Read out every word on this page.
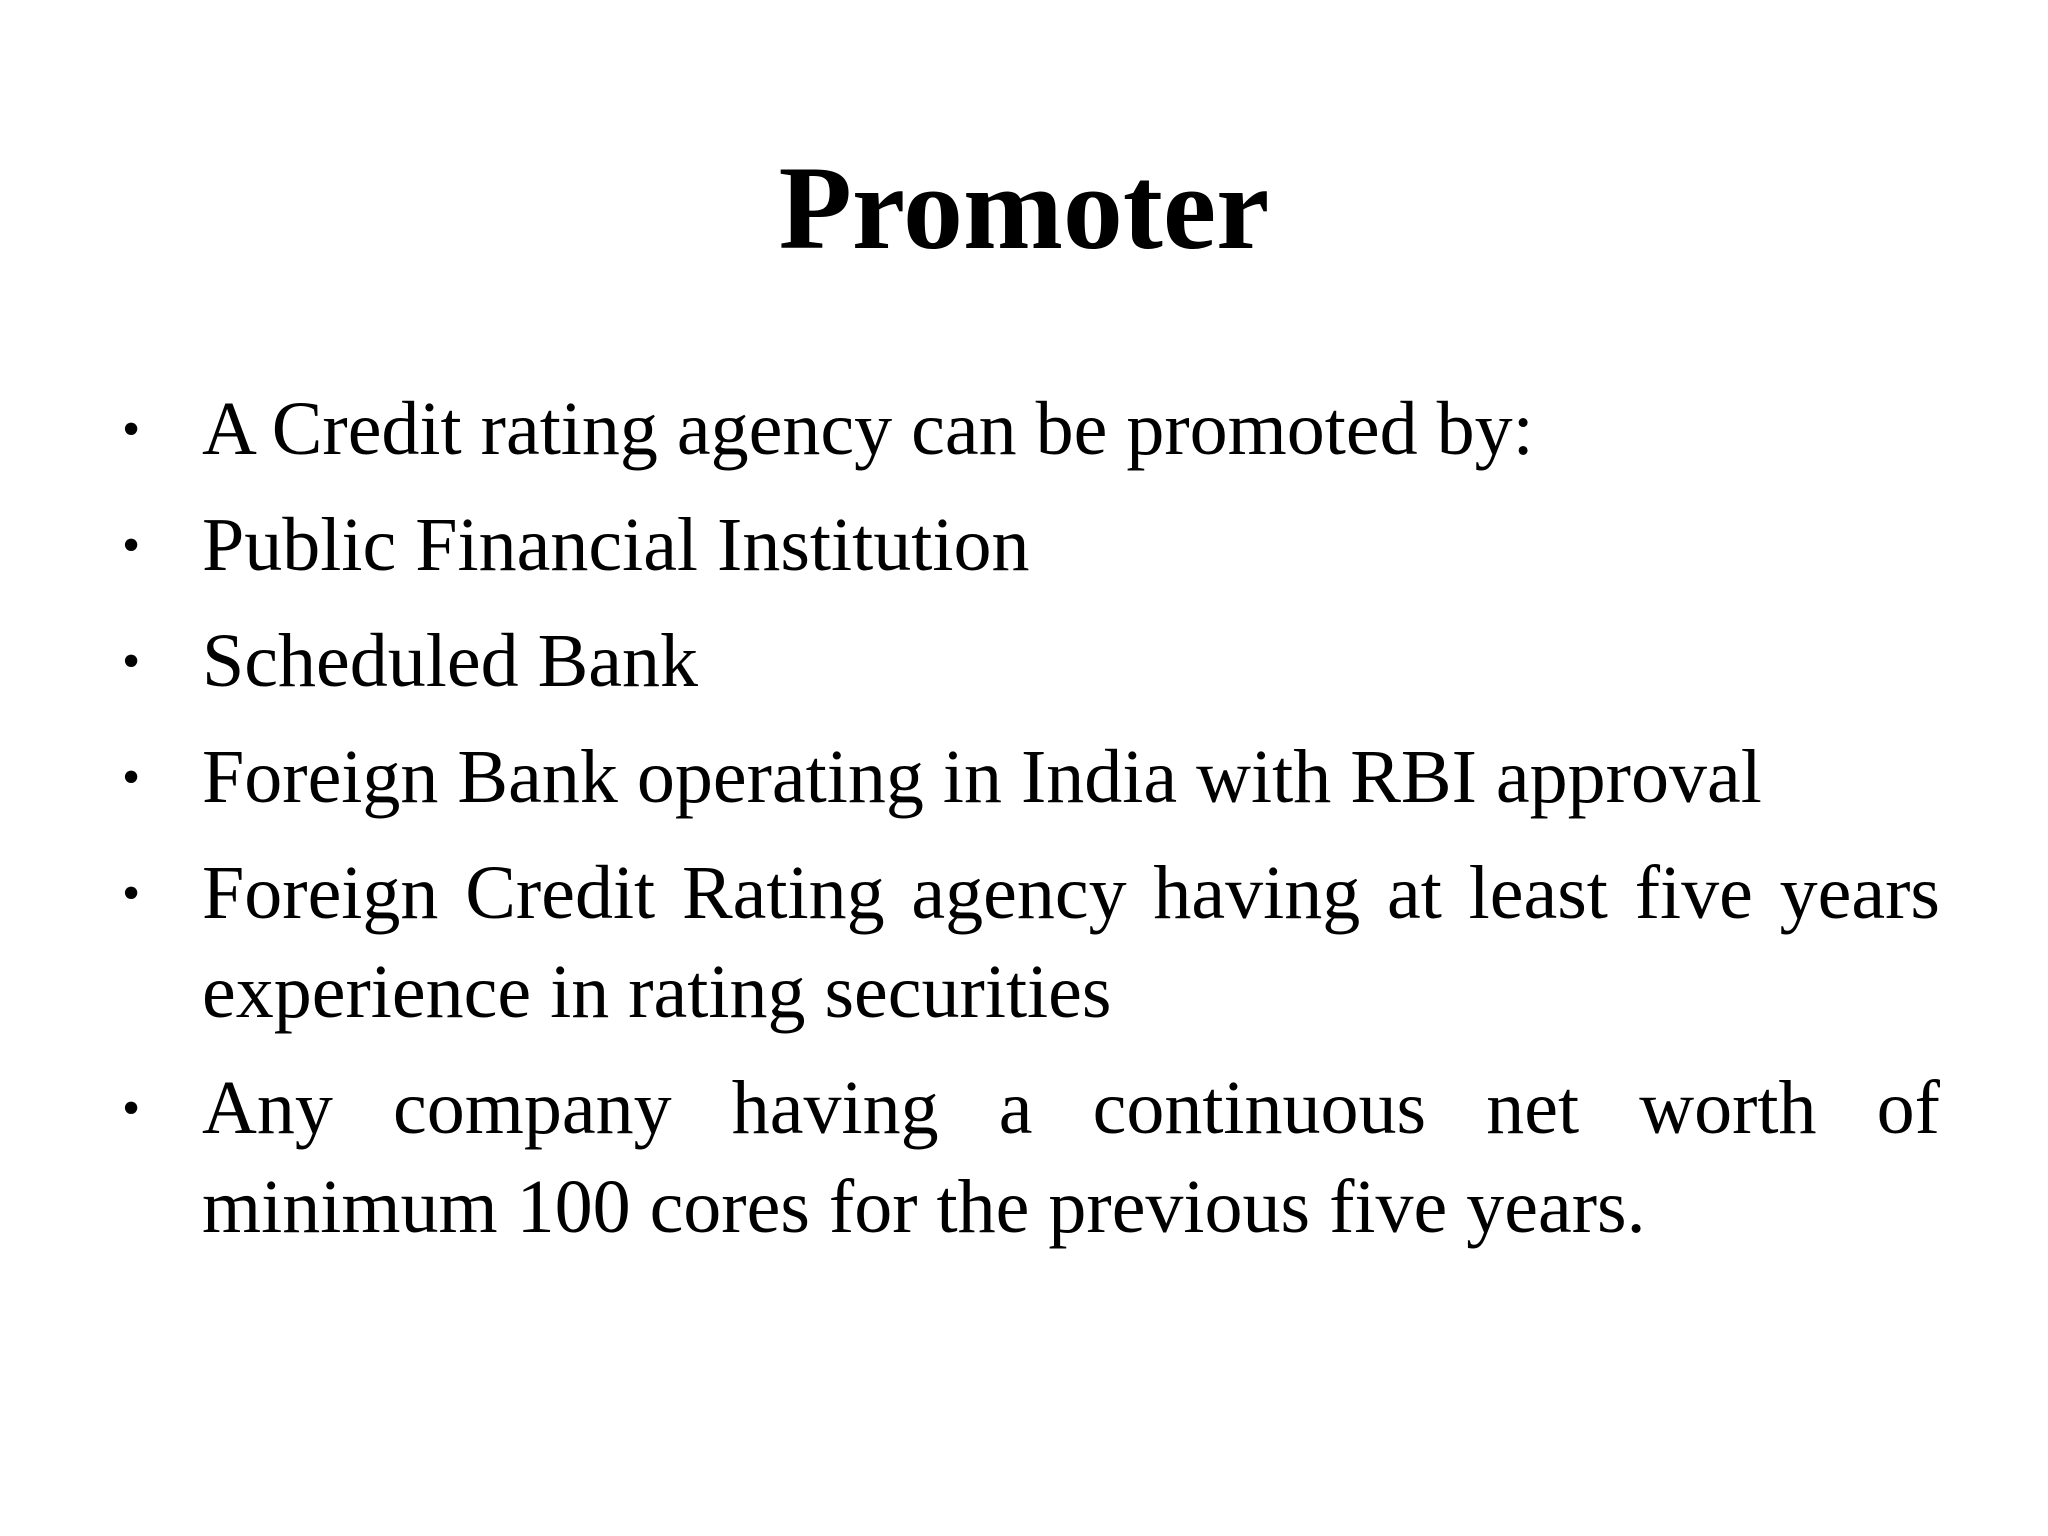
Promoter
• A Credit rating agency can be promoted by:
• Public Financial Institution
• Scheduled Bank
• Foreign Bank operating in India with RBI approval
• Foreign Credit Rating agency having at least five years experience in rating securities
• Any company having a continuous net worth of minimum 100 cores for the previous five years.
